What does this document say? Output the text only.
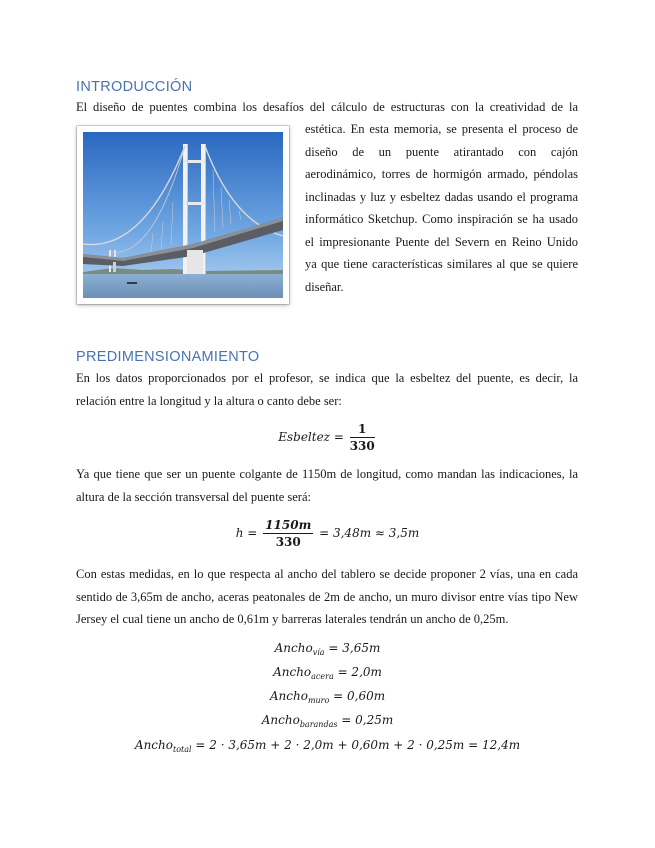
INTRODUCCIÓN
El diseño de puentes combina los desafíos del cálculo de estructuras con la creatividad de la
estética. En esta memoria, se presenta el proceso de
diseño de un puente atirantado con cajón
aerodinámico, torres de hormigón armado, péndolas
inclinadas y luz y esbeltez dadas usando el programa
informático Sketchup. Como inspiración se ha usado
el impresionante Puente del Severn en Reino Unido
ya que tiene características similares al que se quiere
diseñar.
PREDIMENSIONAMIENTO
En los datos proporcionados por el profesor, se indica que la esbeltez del puente, es decir, la
relación entre la longitud y la altura o canto debe ser:
Esbeltez = $\frac{1}{330}$
Ya que tiene que ser un puente colgante de 1150m de longitud, como mandan las indicaciones, la
altura de la sección transversal del puente será:
$h = \frac{1150m}{330} = 3,48m \approx 3,5m$
Con estas medidas, en lo que respecta al ancho del tablero se decide proponer 2 vías, una en cada
sentido de 3,65m de ancho, aceras peatonales de 2m de ancho, un muro divisor entre vías tipo New
Jersey el cual tiene un ancho de 0,61m y barreras laterales tendrán un ancho de 0,25m.
Ancho$_{vía}$ = 3,65m
Ancho$_{acera}$ = 2,0m
Ancho$_{muro}$ = 0,60m
Ancho$_{barandas}$ = 0,25m
Ancho$_{total}$ = 2 · 3,65m + 2 · 2,0m + 0,60m + 2 · 0,25m = 12,4m
